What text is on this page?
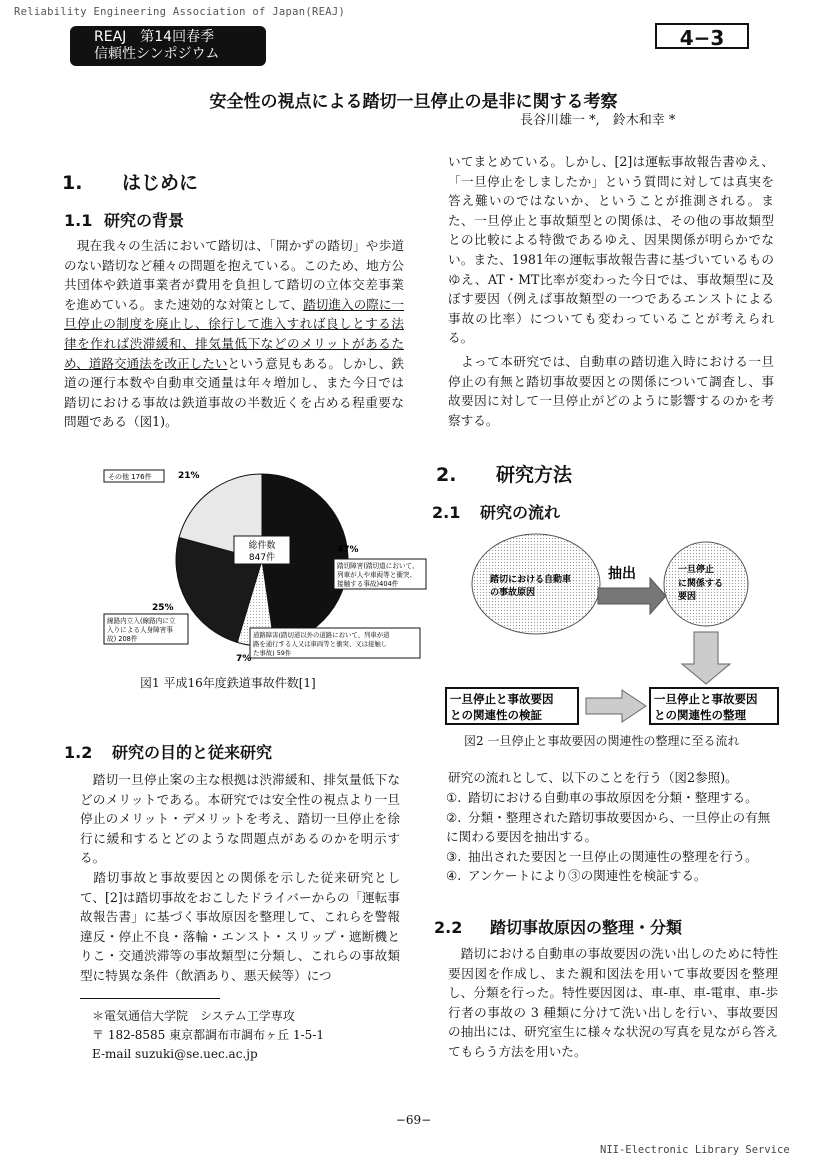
Reliability Engineering Association of Japan(REAJ)
REAJ　第14回春季
信頼性シンポジウム
4−3
安全性の視点による踏切一旦停止の是非に関する考察
長谷川雄一 *,　鈴木和幸 *
1. はじめに
1.1 研究の背景

　現在我々の生活において踏切は、「開かずの踏切」や歩道のない踏切など種々の問題を抱えている。このため、地方公共団体や鉄道事業者が費用を負担して踏切の立体交差事業を進めている。また速効的な対策として、踏切進入の際に一旦停止の制度を廃止し、徐行して進入すれば良しとする法律を作れば渋滞緩和、排気量低下などのメリットがあるため、道路交通法を改正したいという意見もある。しかし、鉄道の運行本数や自動車交通量は年々増加し、また今日では踏切における事故は鉄道事故の半数近くを占める程重要な問題である（図1)。

総件数
847件
その他 176件	21%
47%
踏切障害(踏切道において、
列車が人や車両等と衝突、
接触する事故)404件
25%
線路内立入(線路内に立
入りによる人身障害事
故) 208件	道路障害(踏切道以外の道路において、列車が道
路を通行する人又は車両等と衝突、又は接触し
た事故) 59件
7%
図1 平成16年度鉄道事故件数[1]
1.2 研究の目的と従来研究

　踏切一旦停止案の主な根拠は渋滞緩和、排気量低下などのメリットである。本研究では安全性の視点より一旦停止のメリット・デメリットを考え、踏切一旦停止を徐行に緩和するとどのような問題点があるのかを明示する。

　踏切事故と事故要因との関係を示した従来研究として、[2]は踏切事故をおこしたドライバーからの「運転事故報告書」に基づく事故原因を整理して、これらを警報違反・停止不良・落輪・エンスト・スリップ・遮断機とりこ・交通渋滞等の事故類型に分類し、これらの事故類型に特異な条件（飲酒あり、悪天候等）につ

＊電気通信大学院　システム工学専攻
〒 182-8585 東京都調布市調布ヶ丘 1-5-1
E-mail suzuki@se.uec.ac.jp

いてまとめている。しかし、[2]は運転事故報告書ゆえ、「一旦停止をしましたか」という質問に対しては真実を答え難いのではないか、ということが推測される。また、一旦停止と事故類型との関係は、その他の事故類型との比較による特徴であるゆえ、因果関係が明らかでない。また、1981年の運転事故報告書に基づいているものゆえ、AT・MT比率が変わった今日では、事故類型に及ぼす要因（例えば事故類型の一つであるエンストによる事故の比率）についても変わっていることが考えられる。

　よって本研究では、自動車の踏切進入時における一旦停止の有無と踏切事故要因との関係について調査し、事故要因に対して一旦停止がどのように影響するのかを考察する。

2. 研究方法
2.1 研究の流れ
踏切における自動車
の事故原因
抽出	一旦停止
に関係する
要因
一旦停止と事故要因
との関連性の整理
一旦停止と事故要因
との関連性の検証
図2 一旦停止と事故要因の関連性の整理に至る流れ

研究の流れとして、以下のことを行う（図2参照)。

①. 踏切における自動車の事故原因を分類・整理する。
②. 分類・整理された踏切事故要因から、一旦停止の有無に関わる要因を抽出する。
③. 抽出された要因と一旦停止の関連性の整理を行う。
④. アンケートにより③の関連性を検証する。
2.2 踏切事故原因の整理・分類

　踏切における自動車の事故要因の洗い出しのために特性要因図を作成し、また親和図法を用いて事故要因を整理し、分類を行った。特性要因図は、車-車、車-電車、車-歩行者の事故の 3 種類に分けて洗い出しを行い、事故要因の抽出には、研究室生に様々な状況の写真を見ながら答えてもらう方法を用いた。

−69−
NII-Electronic Library Service
